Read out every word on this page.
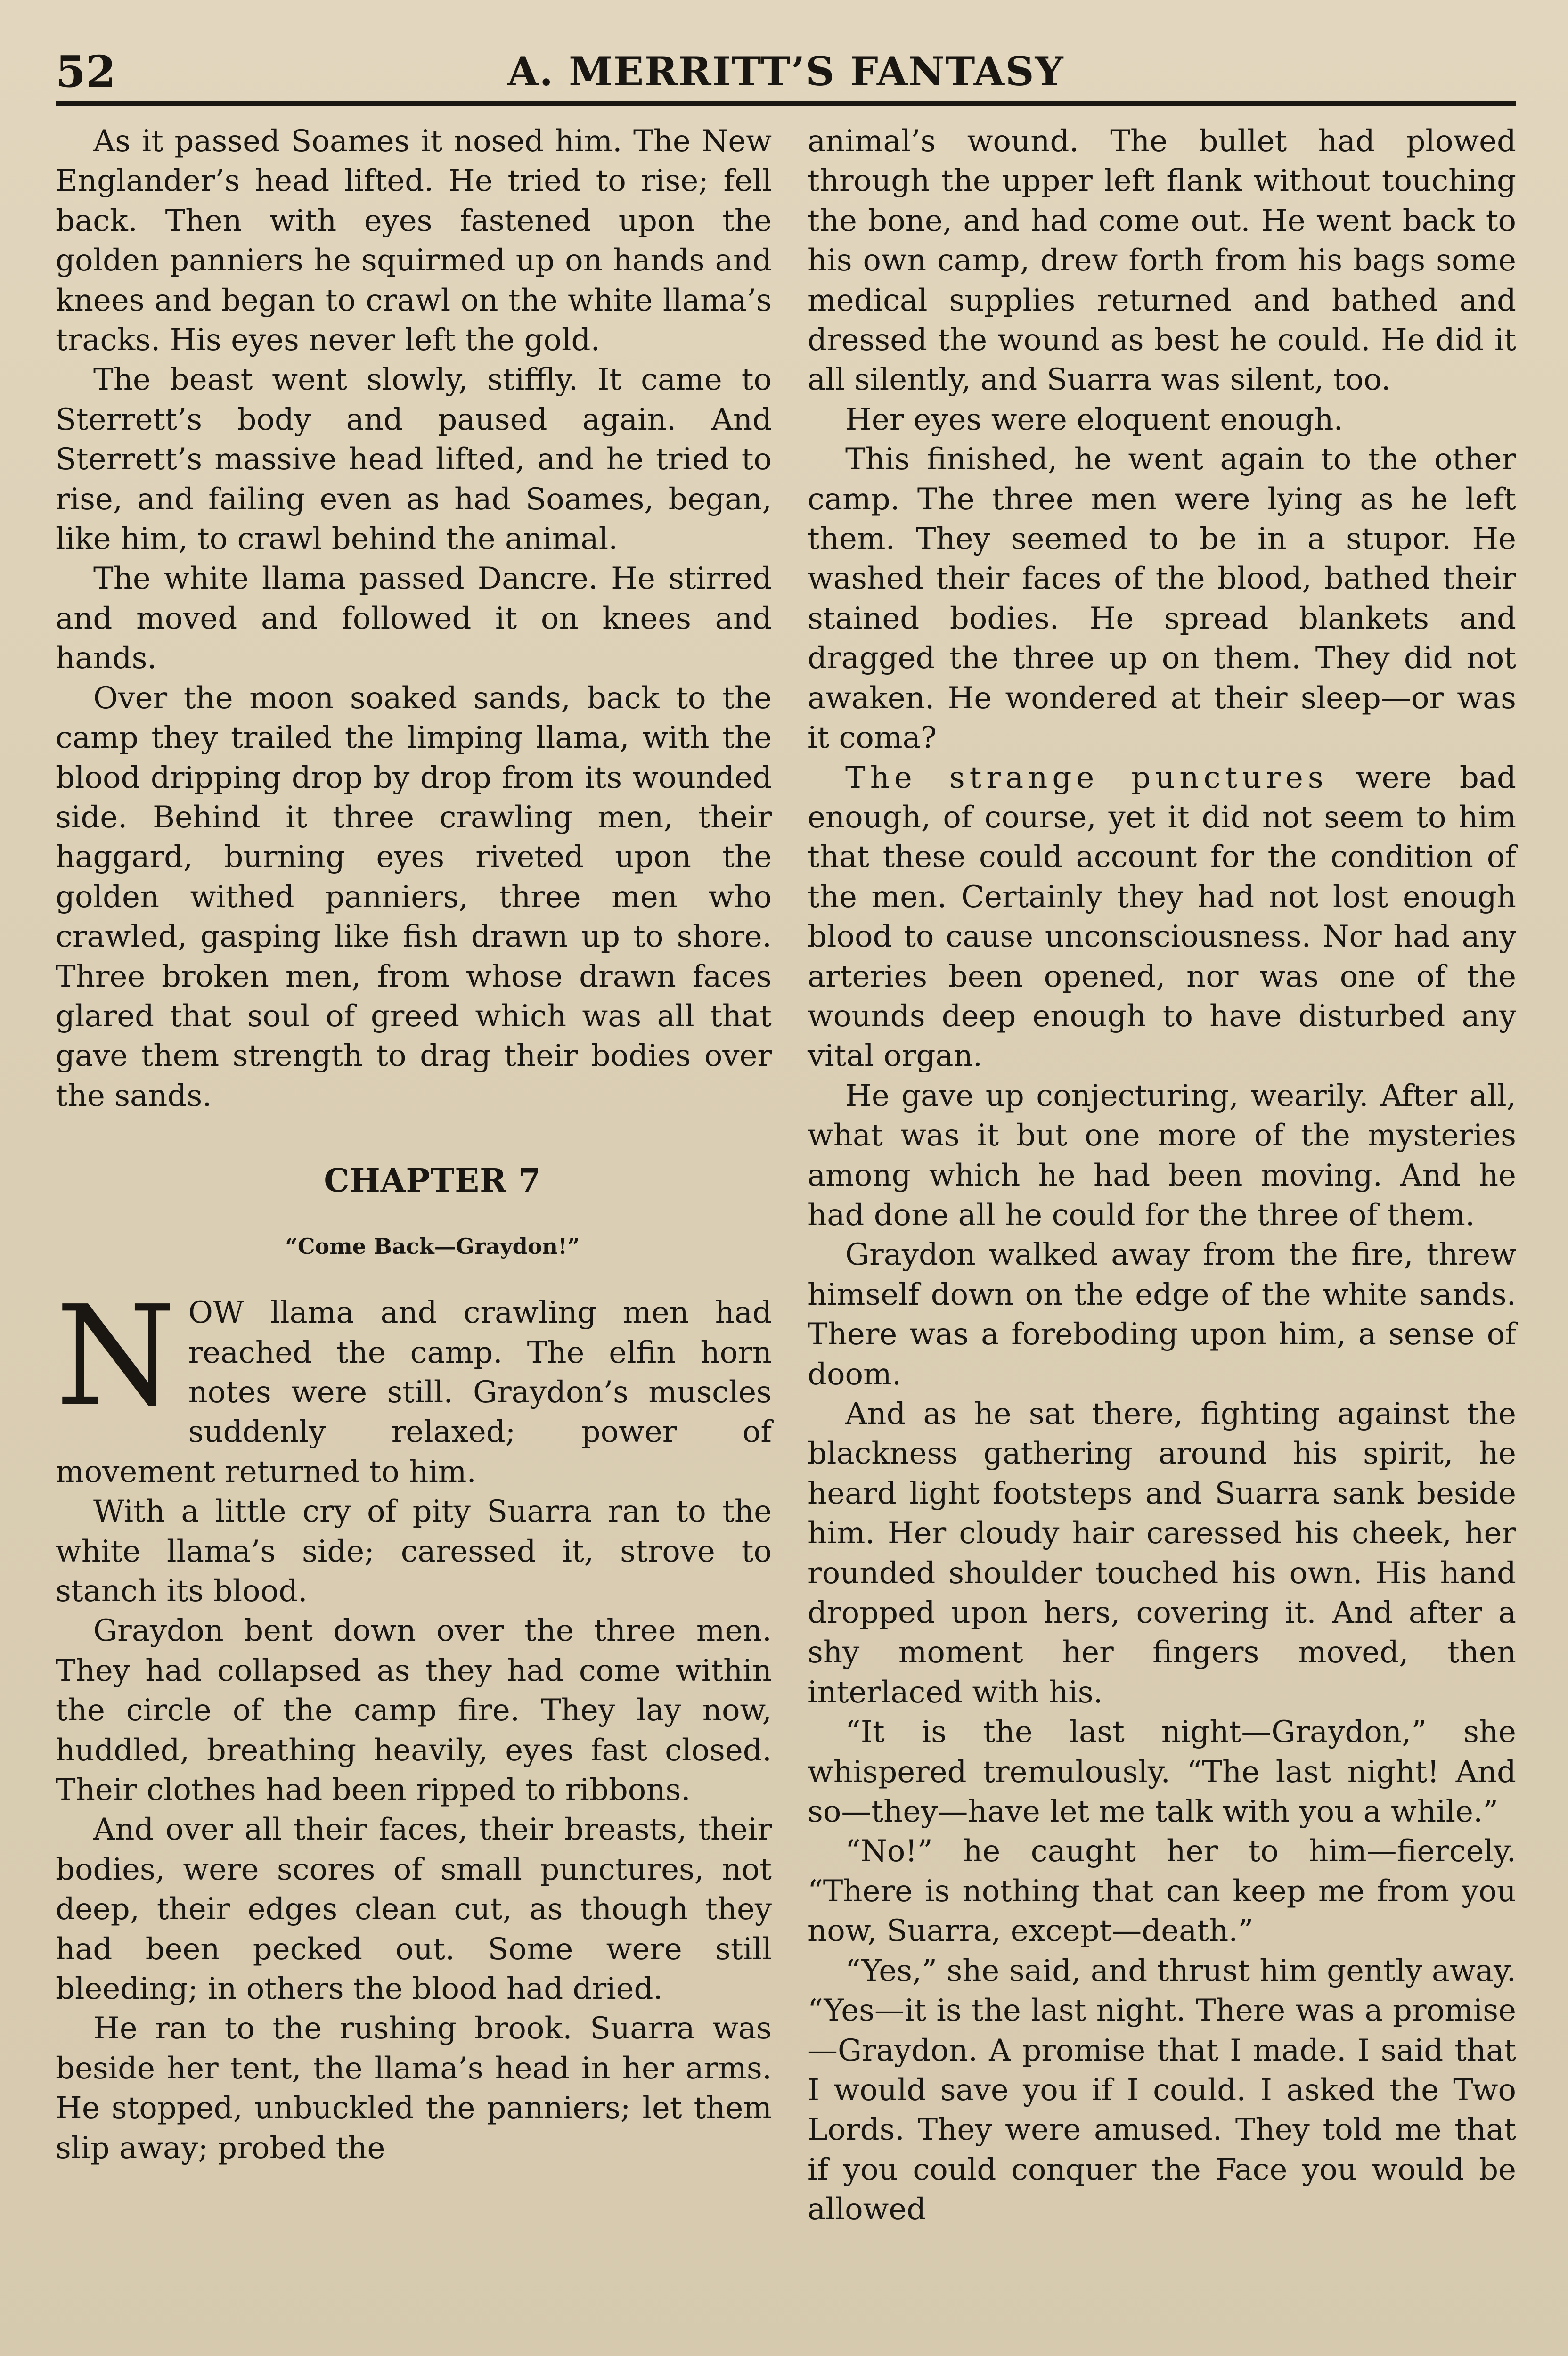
52	A. MERRITT’S FANTASY

As it passed Soames it nosed him. The New Englander’s head lifted. He tried to rise; fell back. Then with eyes fastened upon the golden panniers he squirmed up on hands and knees and began to crawl on the white llama’s tracks. His eyes never left the gold.

The beast went slowly, stiffly. It came to Sterrett’s body and paused again. And Sterrett’s massive head lifted, and he tried to rise, and failing even as had Soames, began, like him, to crawl behind the animal.

The white llama passed Dancre. He stirred and moved and followed it on knees and hands.

Over the moon soaked sands, back to the camp they trailed the limping llama, with the blood dripping drop by drop from its wounded side. Behind it three crawling men, their haggard, burning eyes riveted upon the golden withed panniers, three men who crawled, gasping like fish drawn up to shore. Three broken men, from whose drawn faces glared that soul of greed which was all that gave them strength to drag their bodies over the sands.

CHAPTER 7

“Come Back—Graydon!”

NOW llama and crawling men had reached the camp. The elfin horn notes were still. Graydon’s muscles suddenly relaxed; power of movement returned to him.

With a little cry of pity Suarra ran to the white llama’s side; caressed it, strove to stanch its blood.

Graydon bent down over the three men. They had collapsed as they had come within the circle of the camp fire. They lay now, huddled, breathing heavily, eyes fast closed. Their clothes had been ripped to ribbons.

And over all their faces, their breasts, their bodies, were scores of small punctures, not deep, their edges clean cut, as though they had been pecked out. Some were still bleeding; in others the blood had dried.

He ran to the rushing brook. Suarra was beside her tent, the llama’s head in her arms. He stopped, unbuckled the panniers; let them slip away; probed the

animal’s wound. The bullet had plowed through the upper left flank without touching the bone, and had come out. He went back to his own camp, drew forth from his bags some medical supplies returned and bathed and dressed the wound as best he could. He did it all silently, and Suarra was silent, too.

Her eyes were eloquent enough.

This finished, he went again to the other camp. The three men were lying as he left them. They seemed to be in a stupor. He washed their faces of the blood, bathed their stained bodies. He spread blankets and dragged the three up on them. They did not awaken. He wondered at their sleep—or was it coma?

The strange punctures were bad enough, of course, yet it did not seem to him that these could account for the condition of the men. Certainly they had not lost enough blood to cause unconsciousness. Nor had any arteries been opened, nor was one of the wounds deep enough to have disturbed any vital organ.

He gave up conjecturing, wearily. After all, what was it but one more of the mysteries among which he had been moving. And he had done all he could for the three of them.

Graydon walked away from the fire, threw himself down on the edge of the white sands. There was a foreboding upon him, a sense of doom.

And as he sat there, fighting against the blackness gathering around his spirit, he heard light footsteps and Suarra sank beside him. Her cloudy hair caressed his cheek, her rounded shoulder touched his own. His hand dropped upon hers, covering it. And after a shy moment her fingers moved, then interlaced with his.

“It is the last night—Graydon,” she whispered tremulously. “The last night! And so—they—have let me talk with you a while.”

“No!” he caught her to him—fiercely. “There is nothing that can keep me from you now, Suarra, except—death.”

“Yes,” she said, and thrust him gently away. “Yes—it is the last night. There was a promise—Graydon. A promise that I made. I said that I would save you if I could. I asked the Two Lords. They were amused. They told me that if you could conquer the Face you would be allowed
